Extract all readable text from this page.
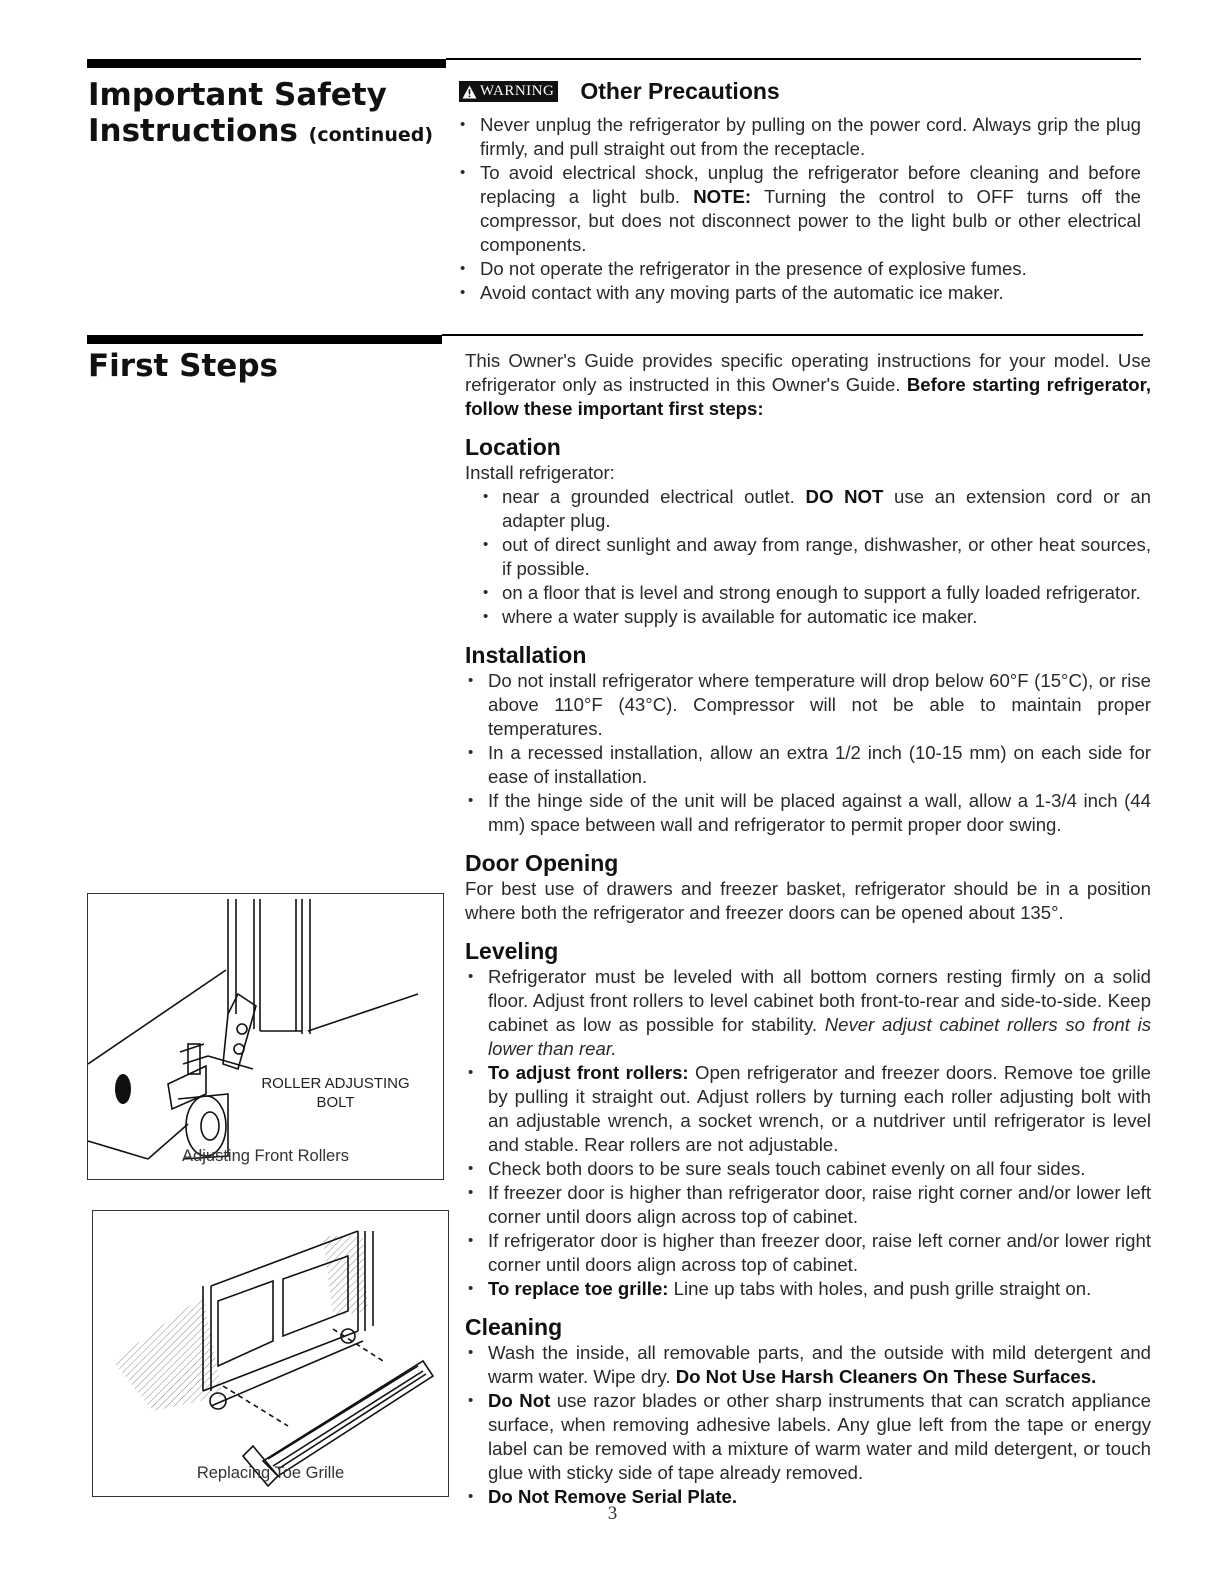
Important Safety
Instructions (continued)
WARNING Other Precautions
• Never unplug the refrigerator by pulling on the power cord. Always grip the plug firmly, and pull straight out from the receptacle.
• To avoid electrical shock, unplug the refrigerator before cleaning and before replacing a light bulb. NOTE: Turning the control to OFF turns off the compressor, but does not disconnect power to the light bulb or other electrical components.
• Do not operate the refrigerator in the presence of explosive fumes.
• Avoid contact with any moving parts of the automatic ice maker.
First Steps	This Owner's Guide provides specific operating instructions for your model. Use refrigerator only as instructed in this Owner's Guide. Before starting refrigerator, follow these important first steps:

Location

Install refrigerator:

• near a grounded electrical outlet. DO NOT use an extension cord or an adapter plug.
• out of direct sunlight and away from range, dishwasher, or other heat sources, if possible.
• on a floor that is level and strong enough to support a fully loaded refrigerator.
• where a water supply is available for automatic ice maker.
Installation
• Do not install refrigerator where temperature will drop below 60°F (15°C), or rise above 110°F (43°C). Compressor will not be able to maintain proper temperatures.
• In a recessed installation, allow an extra 1/2 inch (10-15 mm) on each side for ease of installation.
• If the hinge side of the unit will be placed against a wall, allow a 1-3/4 inch (44 mm) space between wall and refrigerator to permit proper door swing.
Door Opening

For best use of drawers and freezer basket, refrigerator should be in a position where both the refrigerator and freezer doors can be opened about 135°.

Leveling
• Refrigerator must be leveled with all bottom corners resting firmly on a solid floor. Adjust front rollers to level cabinet both front-to-rear and side-to-side. Keep cabinet as low as possible for stability. Never adjust cabinet rollers so front is lower than rear.
• To adjust front rollers: Open refrigerator and freezer doors. Remove toe grille by pulling it straight out. Adjust rollers by turning each roller adjusting bolt with an adjustable wrench, a socket wrench, or a nutdriver until refrigerator is level and stable. Rear rollers are not adjustable.
• Check both doors to be sure seals touch cabinet evenly on all four sides.
• If freezer door is higher than refrigerator door, raise right corner and/or lower left corner until doors align across top of cabinet.
• If refrigerator door is higher than freezer door, raise left corner and/or lower right corner until doors align across top of cabinet.
• To replace toe grille: Line up tabs with holes, and push grille straight on.
Cleaning
• Wash the inside, all removable parts, and the outside with mild detergent and warm water. Wipe dry. Do Not Use Harsh Cleaners On These Surfaces.
• Do Not use razor blades or other sharp instruments that can scratch appliance surface, when removing adhesive labels. Any glue left from the tape or energy label can be removed with a mixture of warm water and mild detergent, or touch glue with sticky side of tape already removed.
• Do Not Remove Serial Plate.
ROLLER ADJUSTING
BOLT
Adjusting Front Rollers
Replacing Toe Grille
3
